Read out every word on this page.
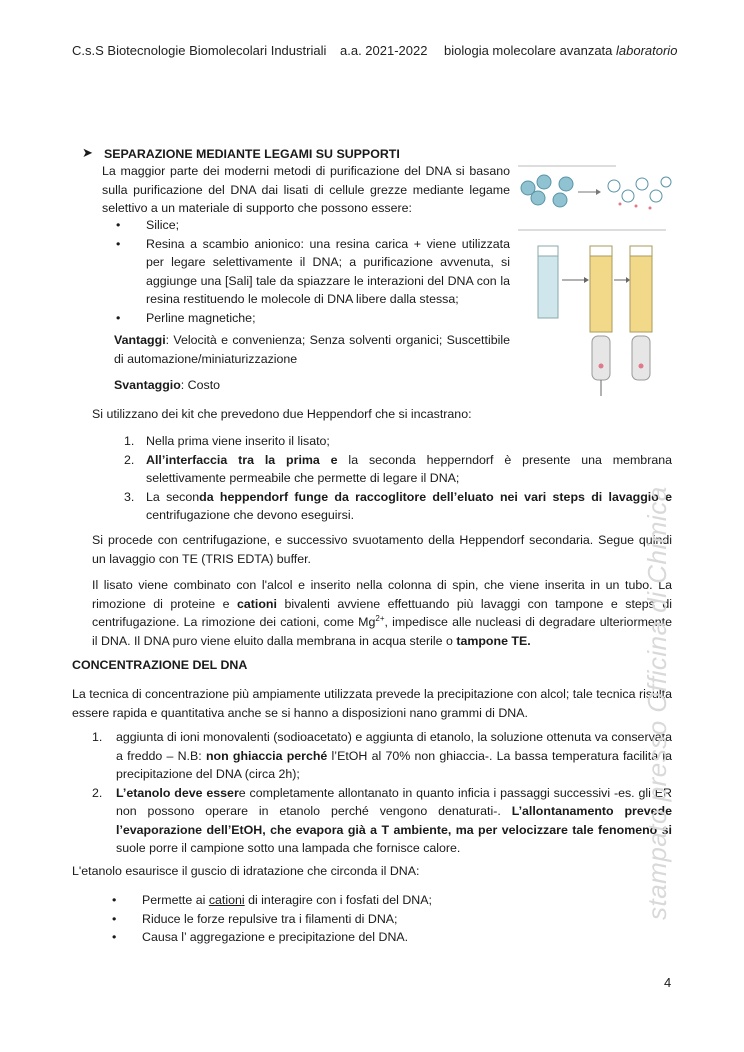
C.s.S Biotecnologie Biomolecolari Industriali a.a. 2021-2022 biologia molecolare avanzata laboratorio
➤ SEPARAZIONE MEDIANTE LEGAMI SU SUPPORTI
La maggior parte dei moderni metodi di purificazione del DNA si basano sulla purificazione del DNA dai lisati di cellule grezze mediante legame selettivo a un materiale di supporto che possono essere:
• Silice;
• Resina a scambio anionico: una resina carica + viene utilizzata per legare selettivamente il DNA; a purificazione avvenuta, si aggiunge una [Sali] tale da spiazzare le interazioni del DNA con la resina restituendo le molecole di DNA libere dalla stessa;
• Perline magnetiche;
Vantaggi: Velocità e convenienza; Senza solventi organici; Suscettibile di automazione/miniaturizzazione
Svantaggio: Costo
Si utilizzano dei kit che prevedono due Heppendorf che si incastrano:
1. Nella prima viene inserito il lisato;
2. All’interfaccia tra la prima e la seconda hepperndorf è presente una membrana selettivamente permeabile che permette di legare il DNA;
3. La seconda heppendorf funge da raccoglitore dell’eluato nei vari steps di lavaggio e centrifugazione che devono eseguirsi.
Si procede con centrifugazione, e successivo svuotamento della Heppendorf secondaria. Segue quindi un lavaggio con TE (TRIS EDTA) buffer.
Il lisato viene combinato con l'alcol e inserito nella colonna di spin, che viene inserita in un tubo. La rimozione di proteine e cationi bivalenti avviene effettuando più lavaggi con tampone e steps di centrifugazione. La rimozione dei cationi, come $Mg^{2+}$, impedisce alle nucleasi di degradare ulteriormente il DNA. Il DNA puro viene eluito dalla membrana in acqua sterile o tampone TE.
CONCENTRAZIONE DEL DNA
La tecnica di concentrazione più ampiamente utilizzata prevede la precipitazione con alcol; tale tecnica risulta essere rapida e quantitativa anche se si hanno a disposizioni nano grammi di DNA.
1. aggiunta di ioni monovalenti (sodioacetato) e aggiunta di etanolo, la soluzione ottenuta va conservata a freddo – N.B: non ghiaccia perché l’EtOH al 70% non ghiaccia-. La bassa temperatura facilita la precipitazione del DNA (circa 2h);
2. L’etanolo deve essere completamente allontanato in quanto inficia i passaggi successivi -es. gli ER non possono operare in etanolo perché vengono denaturati-. L’allontanamento prevede l’evaporazione dell’EtOH, che evapora già a T ambiente, ma per velocizzare tale fenomeno si suole porre il campione sotto una lampada che fornisce calore.
L'etanolo esaurisce il guscio di idratazione che circonda il DNA:
• Permette ai cationi di interagire con i fosfati del DNA;
• Riduce le forze repulsive tra i filamenti di DNA;
• Causa l’ aggregazione e precipitazione del DNA.
4
stampato presso Officina di Chimica
